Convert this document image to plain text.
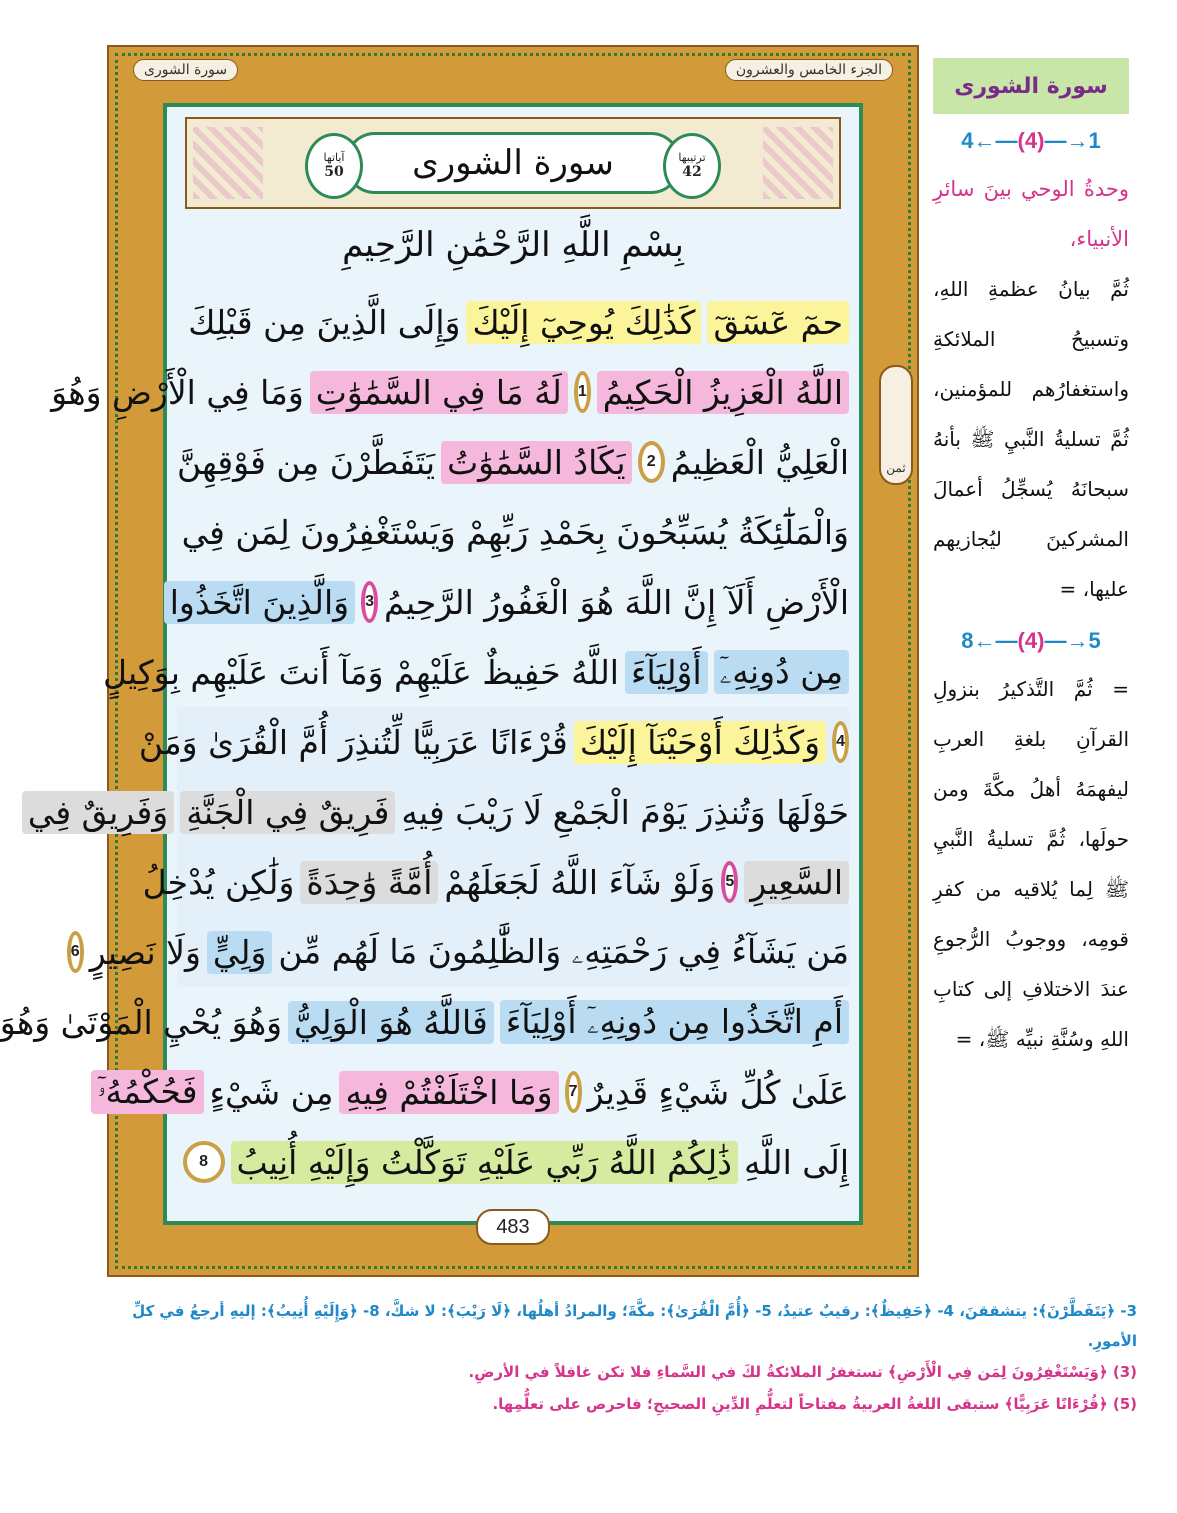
الجزء الخامس والعشرون
سورة الشورى
ترتيبها
42
سورة الشورى
آياتها
50
بِسْمِ اللَّهِ الرَّحْمَٰنِ الرَّحِيمِ
حمٓ عٓسٓقٓ
كَذَٰلِكَ يُوحِيٓ إِلَيْكَ
وَإِلَى الَّذِينَ مِن قَبْلِكَ
اللَّهُ الْعَزِيزُ الْحَكِيمُ
1
لَهُ مَا فِي السَّمَٰوَٰتِ
وَمَا فِي الْأَرْضِ وَهُوَ
الْعَلِيُّ الْعَظِيمُ
2
يَكَادُ السَّمَٰوَٰتُ
يَتَفَطَّرْنَ مِن فَوْقِهِنَّ
وَالْمَلَٰٓئِكَةُ يُسَبِّحُونَ بِحَمْدِ رَبِّهِمْ وَيَسْتَغْفِرُونَ لِمَن فِي
الْأَرْضِ أَلَآ إِنَّ اللَّهَ هُوَ الْغَفُورُ الرَّحِيمُ
3
وَالَّذِينَ اتَّخَذُوا
مِن دُونِهِۦٓ
أَوْلِيَآءَ
اللَّهُ حَفِيظٌ عَلَيْهِمْ وَمَآ أَنتَ عَلَيْهِم بِوَكِيلٍ
4
وَكَذَٰلِكَ أَوْحَيْنَآ إِلَيْكَ
قُرْءَانًا عَرَبِيًّا لِّتُنذِرَ أُمَّ الْقُرَىٰ وَمَنْ
حَوْلَهَا وَتُنذِرَ يَوْمَ الْجَمْعِ لَا رَيْبَ فِيهِ
فَرِيقٌ فِي الْجَنَّةِ
وَفَرِيقٌ فِي
السَّعِيرِ
5
وَلَوْ شَآءَ اللَّهُ لَجَعَلَهُمْ
أُمَّةً وَٰحِدَةً
وَلَٰكِن يُدْخِلُ
مَن يَشَآءُ فِي رَحْمَتِهِۦ وَالظَّٰلِمُونَ مَا لَهُم مِّن
وَلِيٍّ
وَلَا نَصِيرٍ
6
أَمِ اتَّخَذُوا مِن دُونِهِۦٓ أَوْلِيَآءَ
فَاللَّهُ هُوَ الْوَلِيُّ
وَهُوَ يُحْيِ الْمَوْتَىٰ وَهُوَ
عَلَىٰ كُلِّ شَيْءٍ قَدِيرٌ
7
وَمَا اخْتَلَفْتُمْ فِيهِ
مِن شَيْءٍ
فَحُكْمُهُۥٓ
إِلَى اللَّهِ
ذَٰلِكُمُ اللَّهُ رَبِّي عَلَيْهِ تَوَكَّلْتُ وَإِلَيْهِ أُنِيبُ
8
483
ثمن
سورة الشورى
4←—(4)—→1
وحدةُ الوحي بينَ سائرِ الأنبياء،
ثُمَّ بيانُ عظمةِ اللهِ، وتسبيحُ الملائكةِ واستغفارُهم للمؤمنين، ثُمَّ تسليةُ النَّبيِ ﷺ بأنهُ سبحانَهُ يُسجِّلُ أعمالَ المشركينَ ليُجازيهم عليها، =
8←—(4)—→5
= ثُمَّ التَّذكيرُ بنزولِ القرآنِ بلغةِ العربِ ليفهمَهُ أهلُ مكَّةَ ومن حولَها، ثُمَّ تسليةُ النَّبيِ ﷺ لِما يُلاقيه من كفرِ قومِه، ووجوبُ الرُّجوعِ عندَ الاختلافِ إلى كتابِ اللهِ وسُنَّةِ نبيِّه ﷺ، =
3- ﴿يَتَفَطَّرْنَ﴾: يتشققنَ، 4- ﴿حَفِيظٌ﴾: رقيبٌ عتيدٌ، 5- ﴿أُمَّ الْقُرَىٰ﴾: مكَّةَ؛ والمرادُ أهلُها، ﴿لَا رَيْبَ﴾: لا شكَّ، 8- ﴿وَإِلَيْهِ أُنِيبُ﴾: إليهِ أرجعُ في كلِّ الأمورِ.
(3) ﴿وَيَسْتَغْفِرُونَ لِمَن فِي الْأَرْضِ﴾ تستغفرُ الملائكةُ لكَ في السَّماءِ فلا تكن غافلاً في الأرضِ.
(5) ﴿قُرْءَانًا عَرَبِيًّا﴾ ستبقى اللغةُ العربيةُ مفتاحاً لتعلُّمِ الدِّينِ الصحيحِ؛ فاحرص على تعلُّمِها.
